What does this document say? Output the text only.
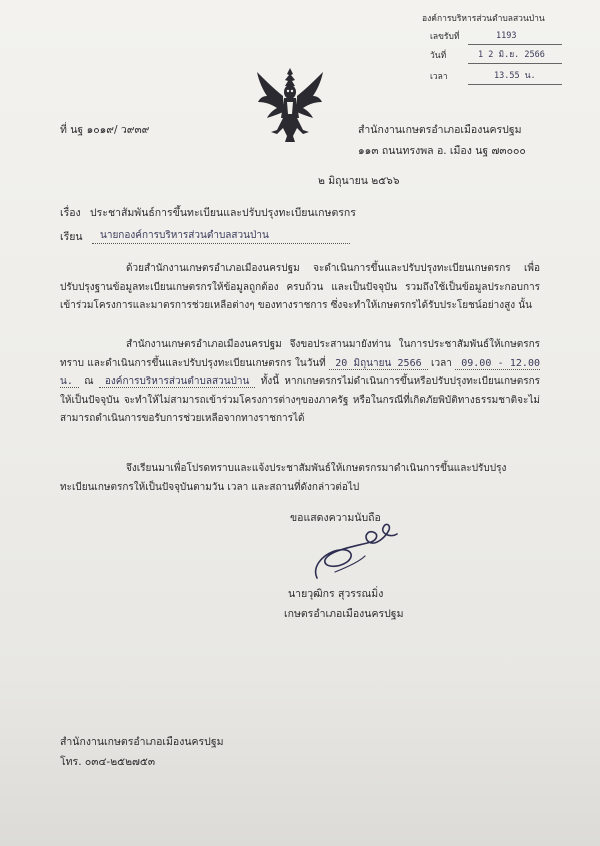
องค์การบริหารส่วนตำบลสวนป่าน
เลขรับที่	1193
วันที่	1 2 มิ.ย. 2566
เวลา	13.55 น.
ที่ นฐ ๑๐๑๙/ ว๙๓๙	สำนักงานเกษตรอำเภอเมืองนครปฐม
๑๑๓ ถนนทรงพล อ. เมือง นฐ ๗๓๐๐๐
๒ มิถุนายน ๒๕๖๖
เรื่อง ประชาสัมพันธ์การขึ้นทะเบียนและปรับปรุงทะเบียนเกษตรกร
เรียน นายกองค์การบริหารส่วนตำบลสวนป่าน
ด้วยสำนักงานเกษตรอำเภอเมืองนครปฐม จะดำเนินการขึ้นและปรับปรุงทะเบียนเกษตรกร เพื่อปรับปรุงฐานข้อมูลทะเบียนเกษตรกรให้ข้อมูลถูกต้อง ครบถ้วน และเป็นปัจจุบัน รวมถึงใช้เป็นข้อมูลประกอบการเข้าร่วมโครงการและมาตรการช่วยเหลือต่างๆ ของทางราชการ ซึ่งจะทำให้เกษตรกรได้รับประโยชน์อย่างสูง นั้น
สำนักงานเกษตรอำเภอเมืองนครปฐม จึงขอประสานมายังท่าน ในการประชาสัมพันธ์ให้เกษตรกรทราบ และดำเนินการขึ้นและปรับปรุงทะเบียนเกษตรกร ในวันที่ 20 มิถุนายน 2566 เวลา 09.00 - 12.00 น. ณ องค์การบริหารส่วนตำบลสวนป่าน ทั้งนี้ หากเกษตรกรไม่ดำเนินการขึ้นหรือปรับปรุงทะเบียนเกษตรกรให้เป็นปัจจุบัน จะทำให้ไม่สามารถเข้าร่วมโครงการต่างๆของภาครัฐ หรือในกรณีที่เกิดภัยพิบัติทางธรรมชาติจะไม่สามารถดำเนินการขอรับการช่วยเหลือจากทางราชการได้
จึงเรียนมาเพื่อโปรดทราบและแจ้งประชาสัมพันธ์ให้เกษตรกรมาดำเนินการขึ้นและปรับปรุงทะเบียนเกษตรกรให้เป็นปัจจุบันตามวัน เวลา และสถานที่ดังกล่าวต่อไป
ขอแสดงความนับถือ
นายวุฒิกร สุวรรณมิ่ง
เกษตรอำเภอเมืองนครปฐม
สำนักงานเกษตรอำเภอเมืองนครปฐม
โทร. ๐๓๔-๒๕๒๗๕๓
